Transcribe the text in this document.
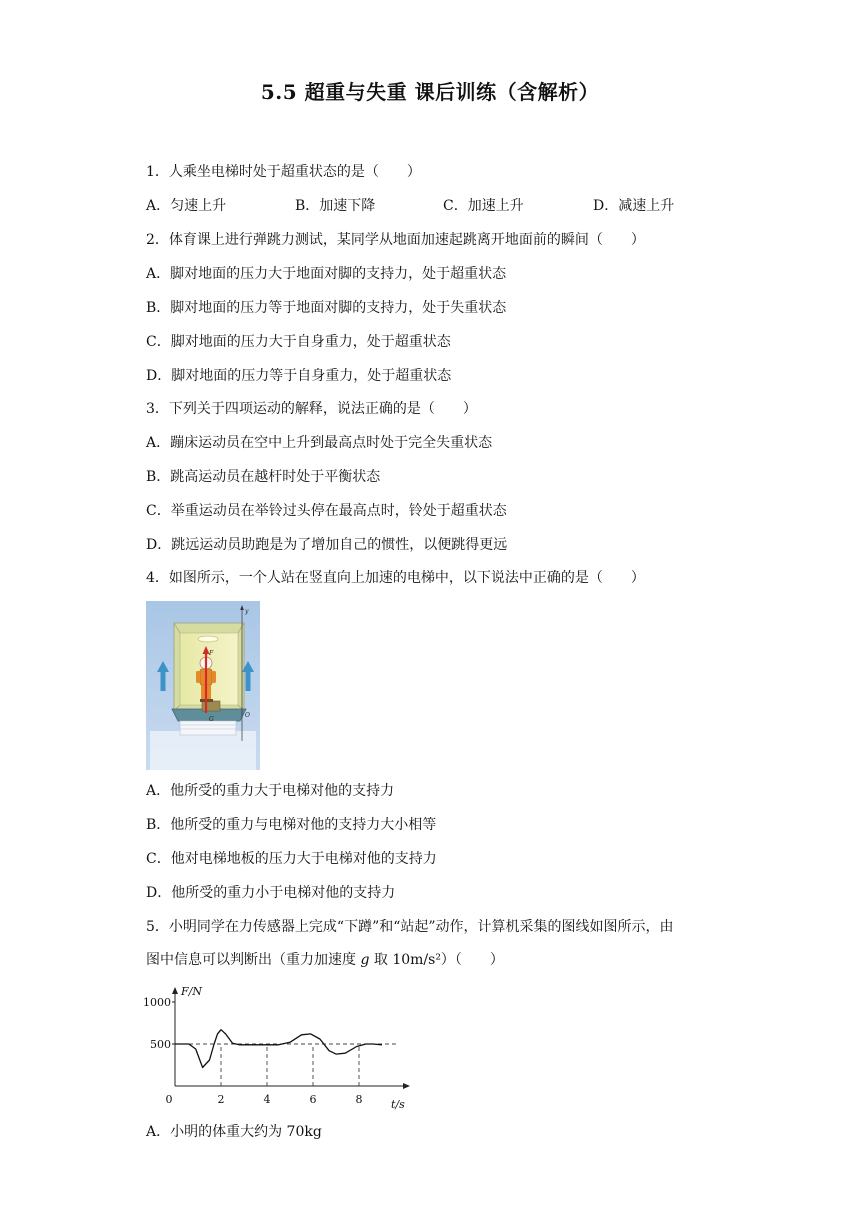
5.5 超重与失重 课后训练（含解析）
1．人乘坐电梯时处于超重状态的是（　　）
A．匀速上升	B．加速下降	C．加速上升	D．减速上升
2．体育课上进行弹跳力测试，某同学从地面加速起跳离开地面前的瞬间（　　）
A．脚对地面的压力大于地面对脚的支持力，处于超重状态
B．脚对地面的压力等于地面对脚的支持力，处于失重状态
C．脚对地面的压力大于自身重力，处于超重状态
D．脚对地面的压力等于自身重力，处于超重状态
3．下列关于四项运动的解释，说法正确的是（　　）
A．蹦床运动员在空中上升到最高点时处于完全失重状态
B．跳高运动员在越杆时处于平衡状态
C．举重运动员在举铃过头停在最高点时，铃处于超重状态
D．跳远运动员助跑是为了增加自己的惯性，以便跳得更远
4．如图所示，一个人站在竖直向上加速的电梯中，以下说法中正确的是（　　）
F
G
y
O
A．他所受的重力大于电梯对他的支持力
B．他所受的重力与电梯对他的支持力大小相等
C．他对电梯地板的压力大于电梯对他的支持力
D．他所受的重力小于电梯对他的支持力
5．小明同学在力传感器上完成“下蹲”和“站起”动作，计算机采集的图线如图所示，由
图中信息可以判断出（重力加速度 g 取 10m/s²）（　　）
F/N
t/s
500
1000
0	2	4	6	8
A．小明的体重大约为 70kg
